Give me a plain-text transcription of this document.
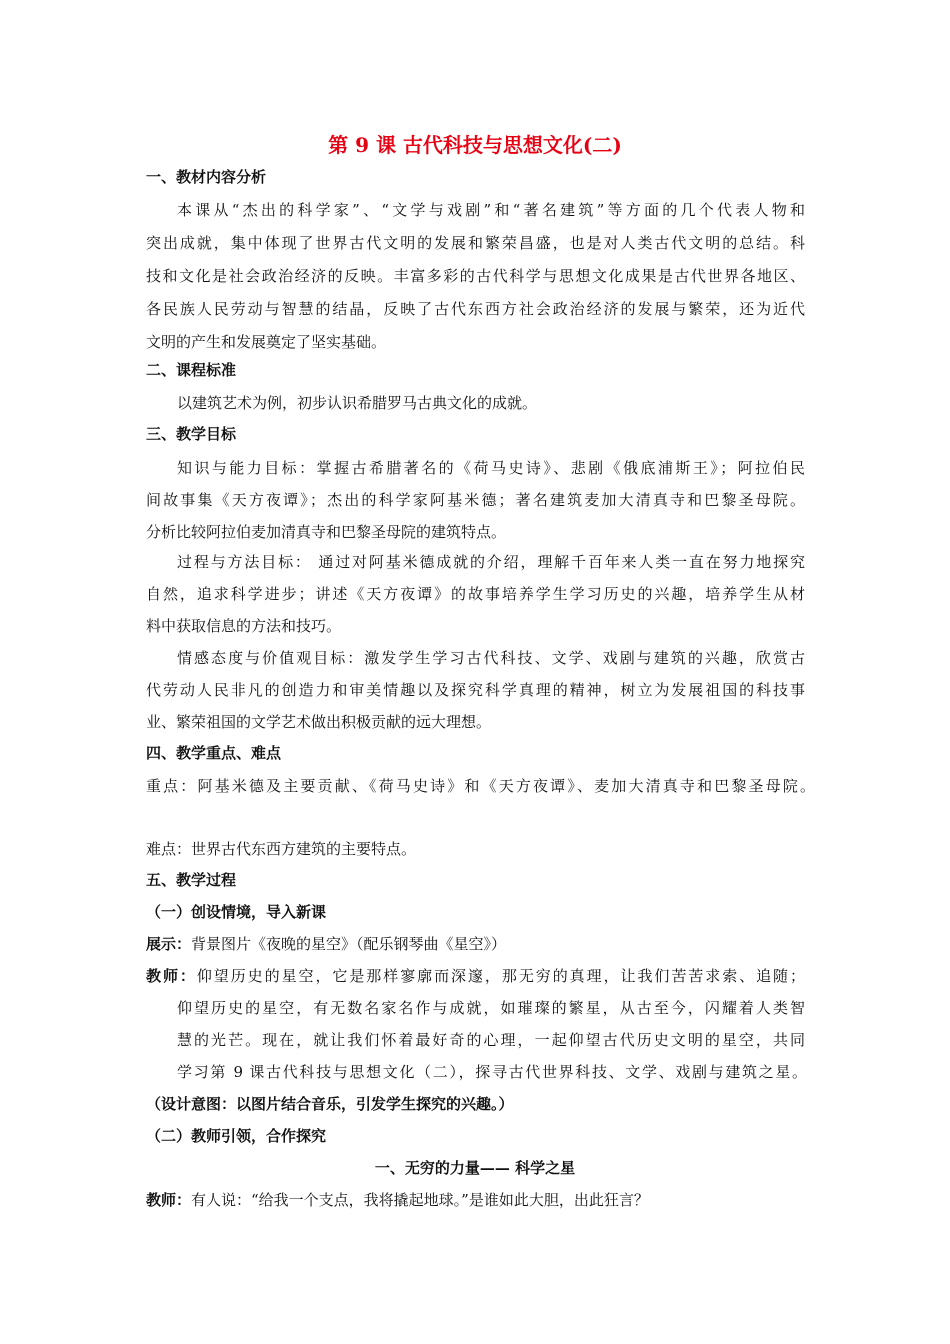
第 9 课 古代科技与思想文化(二)
一、教材内容分析
本课从“杰出的科学家”、“文学与戏剧”和“著名建筑”等方面的几个代表人物和
突出成就，集中体现了世界古代文明的发展和繁荣昌盛，也是对人类古代文明的总结。科
技和文化是社会政治经济的反映。丰富多彩的古代科学与思想文化成果是古代世界各地区、
各民族人民劳动与智慧的结晶，反映了古代东西方社会政治经济的发展与繁荣，还为近代
文明的产生和发展奠定了坚实基础。
二、课程标准
以建筑艺术为例，初步认识希腊罗马古典文化的成就。
三、教学目标
知识与能力目标：掌握古希腊著名的《荷马史诗》、悲剧《俄底浦斯王》；阿拉伯民
间故事集《天方夜谭》；杰出的科学家阿基米德；著名建筑麦加大清真寺和巴黎圣母院。
分析比较阿拉伯麦加清真寺和巴黎圣母院的建筑特点。
过程与方法目标： 通过对阿基米德成就的介绍，理解千百年来人类一直在努力地探究
自然，追求科学进步；讲述《天方夜谭》的故事培养学生学习历史的兴趣，培养学生从材
料中获取信息的方法和技巧。
情感态度与价值观目标：激发学生学习古代科技、文学、戏剧与建筑的兴趣，欣赏古
代劳动人民非凡的创造力和审美情趣以及探究科学真理的精神，树立为发展祖国的科技事
业、繁荣祖国的文学艺术做出积极贡献的远大理想。
四、教学重点、难点
重点：阿基米德及主要贡献、《荷马史诗》和《天方夜谭》、麦加大清真寺和巴黎圣母院。
难点：世界古代东西方建筑的主要特点。
五、教学过程
（一）创设情境，导入新课
展示：背景图片《夜晚的星空》（配乐钢琴曲《星空》）
教师：仰望历史的星空，它是那样寥廓而深邃，那无穷的真理，让我们苦苦求索、追随；
仰望历史的星空，有无数名家名作与成就，如璀璨的繁星，从古至今，闪耀着人类智
慧的光芒。现在，就让我们怀着最好奇的心理，一起仰望古代历史文明的星空，共同
学习第 9 课古代科技与思想文化（二），探寻古代世界科技、文学、戏剧与建筑之星。
（设计意图：以图片结合音乐，引发学生探究的兴趣。）
（二）教师引领，合作探究
一、无穷的力量—— 科学之星
教师：有人说：“给我一个支点，我将撬起地球。”是谁如此大胆，出此狂言？
